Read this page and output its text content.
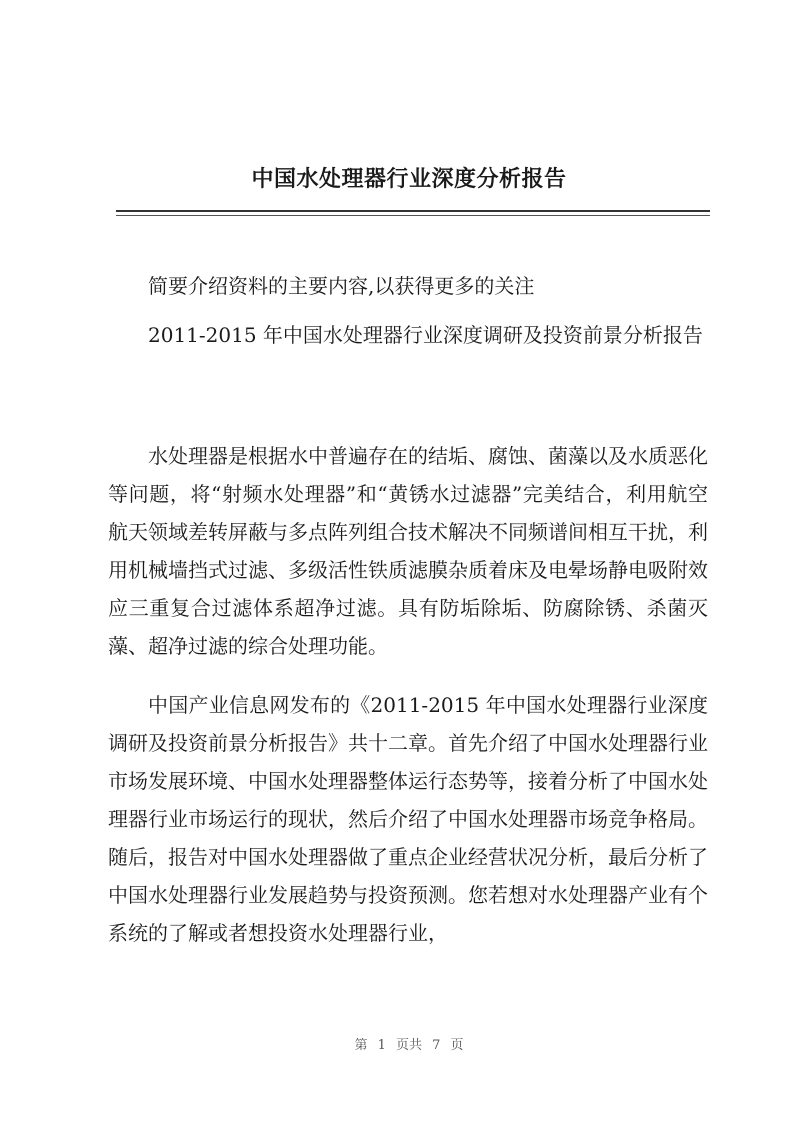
中国水处理器行业深度分析报告

简要介绍资料的主要内容,以获得更多的关注

2011-2015 年中国水处理器行业深度调研及投资前景分析报告

水处理器是根据水中普遍存在的结垢、腐蚀、菌藻以及水质恶化等问题，将“射频水处理器”和“黄锈水过滤器”完美结合，利用航空航天领域差转屏蔽与多点阵列组合技术解决不同频谱间相互干扰，利用机械墙挡式过滤、多级活性铁质滤膜杂质着床及电晕场静电吸附效应三重复合过滤体系超净过滤。具有防垢除垢、防腐除锈、杀菌灭藻、超净过滤的综合处理功能。

中国产业信息网发布的《2011-2015 年中国水处理器行业深度调研及投资前景分析报告》共十二章。首先介绍了中国水处理器行业市场发展环境、中国水处理器整体运行态势等，接着分析了中国水处理器行业市场运行的现状，然后介绍了中国水处理器市场竞争格局。随后，报告对中国水处理器做了重点企业经营状况分析，最后分析了中国水处理器行业发展趋势与投资预测。您若想对水处理器产业有个系统的了解或者想投资水处理器行业，

第 1 页共 7 页
